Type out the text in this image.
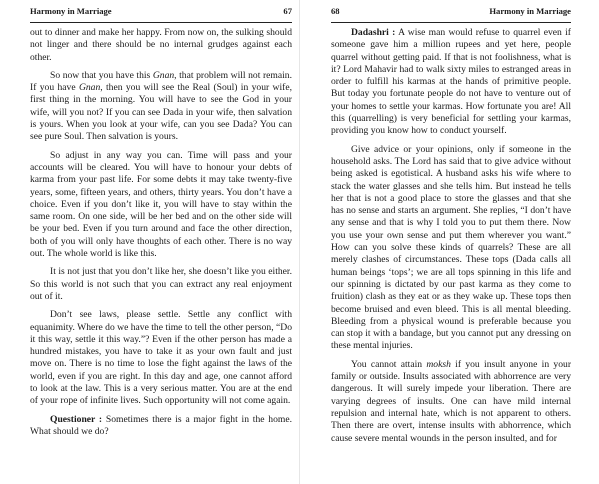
Harmony in Marriage	67

out to dinner and make her happy. From now on, the sulking should not linger and there should be no internal grudges against each other.

So now that you have this Gnan, that problem will not remain. If you have Gnan, then you will see the Real (Soul) in your wife, first thing in the morning. You will have to see the God in your wife, will you not? If you can see Dada in your wife, then salvation is yours. When you look at your wife, can you see Dada? You can see pure Soul. Then salvation is yours.

So adjust in any way you can. Time will pass and your accounts will be cleared. You will have to honour your debts of karma from your past life. For some debts it may take twenty-five years, some, fifteen years, and others, thirty years. You don’t have a choice. Even if you don’t like it, you will have to stay within the same room. On one side, will be her bed and on the other side will be your bed. Even if you turn around and face the other direction, both of you will only have thoughts of each other. There is no way out. The whole world is like this.

It is not just that you don’t like her, she doesn’t like you either. So this world is not such that you can extract any real enjoyment out of it.

Don’t see laws, please settle. Settle any conflict with equanimity. Where do we have the time to tell the other person, “Do it this way, settle it this way.”? Even if the other person has made a hundred mistakes, you have to take it as your own fault and just move on. There is no time to lose the fight against the laws of the world, even if you are right. In this day and age, one cannot afford to look at the law. This is a very serious matter. You are at the end of your rope of infinite lives. Such opportunity will not come again.

Questioner : Sometimes there is a major fight in the home. What should we do?

68	Harmony in Marriage

Dadashri : A wise man would refuse to quarrel even if someone gave him a million rupees and yet here, people quarrel without getting paid. If that is not foolishness, what is it? Lord Mahavir had to walk sixty miles to estranged areas in order to fulfill his karmas at the hands of primitive people. But today you fortunate people do not have to venture out of your homes to settle your karmas. How fortunate you are! All this (quarrelling) is very beneficial for settling your karmas, providing you know how to conduct yourself.

Give advice or your opinions, only if someone in the household asks. The Lord has said that to give advice without being asked is egotistical. A husband asks his wife where to stack the water glasses and she tells him. But instead he tells her that is not a good place to store the glasses and that she has no sense and starts an argument. She replies, “I don’t have any sense and that is why I told you to put them there. Now you use your own sense and put them wherever you want.” How can you solve these kinds of quarrels? These are all merely clashes of circumstances. These tops (Dada calls all human beings ‘tops’; we are all tops spinning in this life and our spinning is dictated by our past karma as they come to fruition) clash as they eat or as they wake up. These tops then become bruised and even bleed. This is all mental bleeding. Bleeding from a physical wound is preferable because you can stop it with a bandage, but you cannot put any dressing on these mental injuries.

You cannot attain moksh if you insult anyone in your family or outside. Insults associated with abhorrence are very dangerous. It will surely impede your liberation. There are varying degrees of insults. One can have mild internal repulsion and internal hate, which is not apparent to others. Then there are overt, intense insults with abhorrence, which cause severe mental wounds in the person insulted, and for
